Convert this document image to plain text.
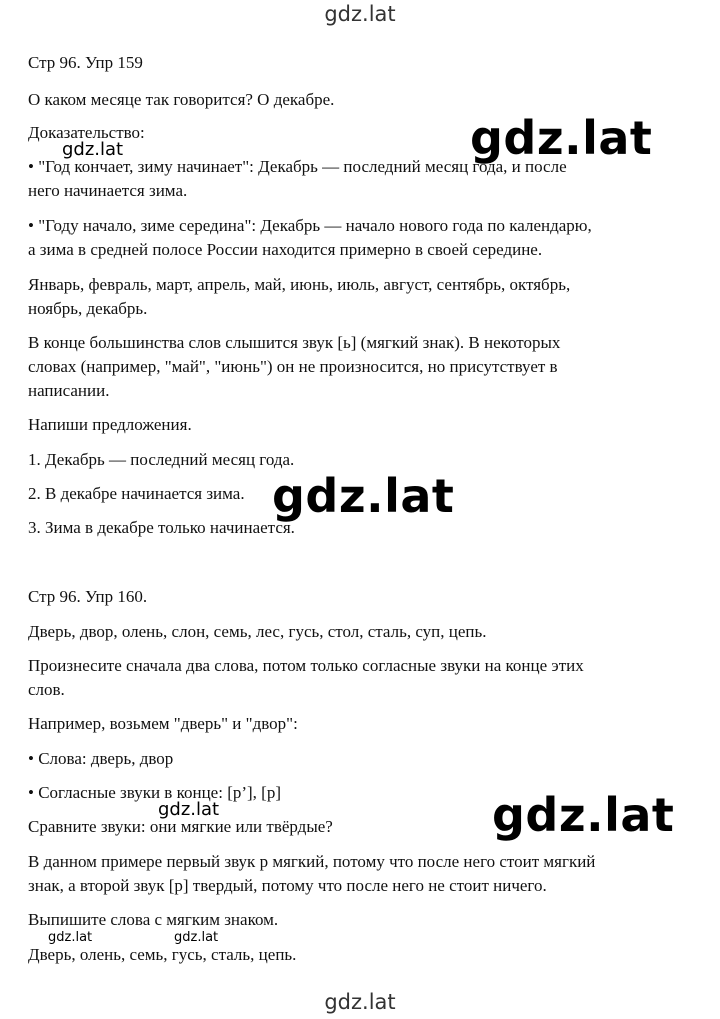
gdz.lat
Стр 96. Упр 159
О каком месяце так говорится? О декабре.
Доказательство:
• "Год кончает, зиму начинает": Декабрь — последний месяц года, и после
него начинается зима.
• "Году начало, зиме середина": Декабрь — начало нового года по календарю,
а зима в средней полосе России находится примерно в своей середине.
Январь, февраль, март, апрель, май, июнь, июль, август, сентябрь, октябрь,
ноябрь, декабрь.
В конце большинства слов слышится звук [ь] (мягкий знак). В некоторых
словах (например, "май", "июнь") он не произносится, но присутствует в
написании.
Напиши предложения.
1. Декабрь — последний месяц года.
2. В декабре начинается зима.
3. Зима в декабре только начинается.
Стр 96. Упр 160.
Дверь, двор, олень, слон, семь, лес, гусь, стол, сталь, суп, цепь.
Произнесите сначала два слова, потом только согласные звуки на конце этих
слов.
Например, возьмем "дверь" и "двор":
• Слова: дверь, двор
• Согласные звуки в конце: [р’], [р]
Сравните звуки: они мягкие или твёрдые?
В данном примере первый звук р мягкий, потому что после него стоит мягкий
знак, а второй звук [р] твердый, потому что после него не стоит ничего.
Выпишите слова с мягким знаком.
Дверь, олень, семь, гусь, сталь, цепь.
gdz.lat
gdz.lat
gdz.lat
gdz.lat
gdz.lat
gdz.lat	gdz.lat
gdz.lat
